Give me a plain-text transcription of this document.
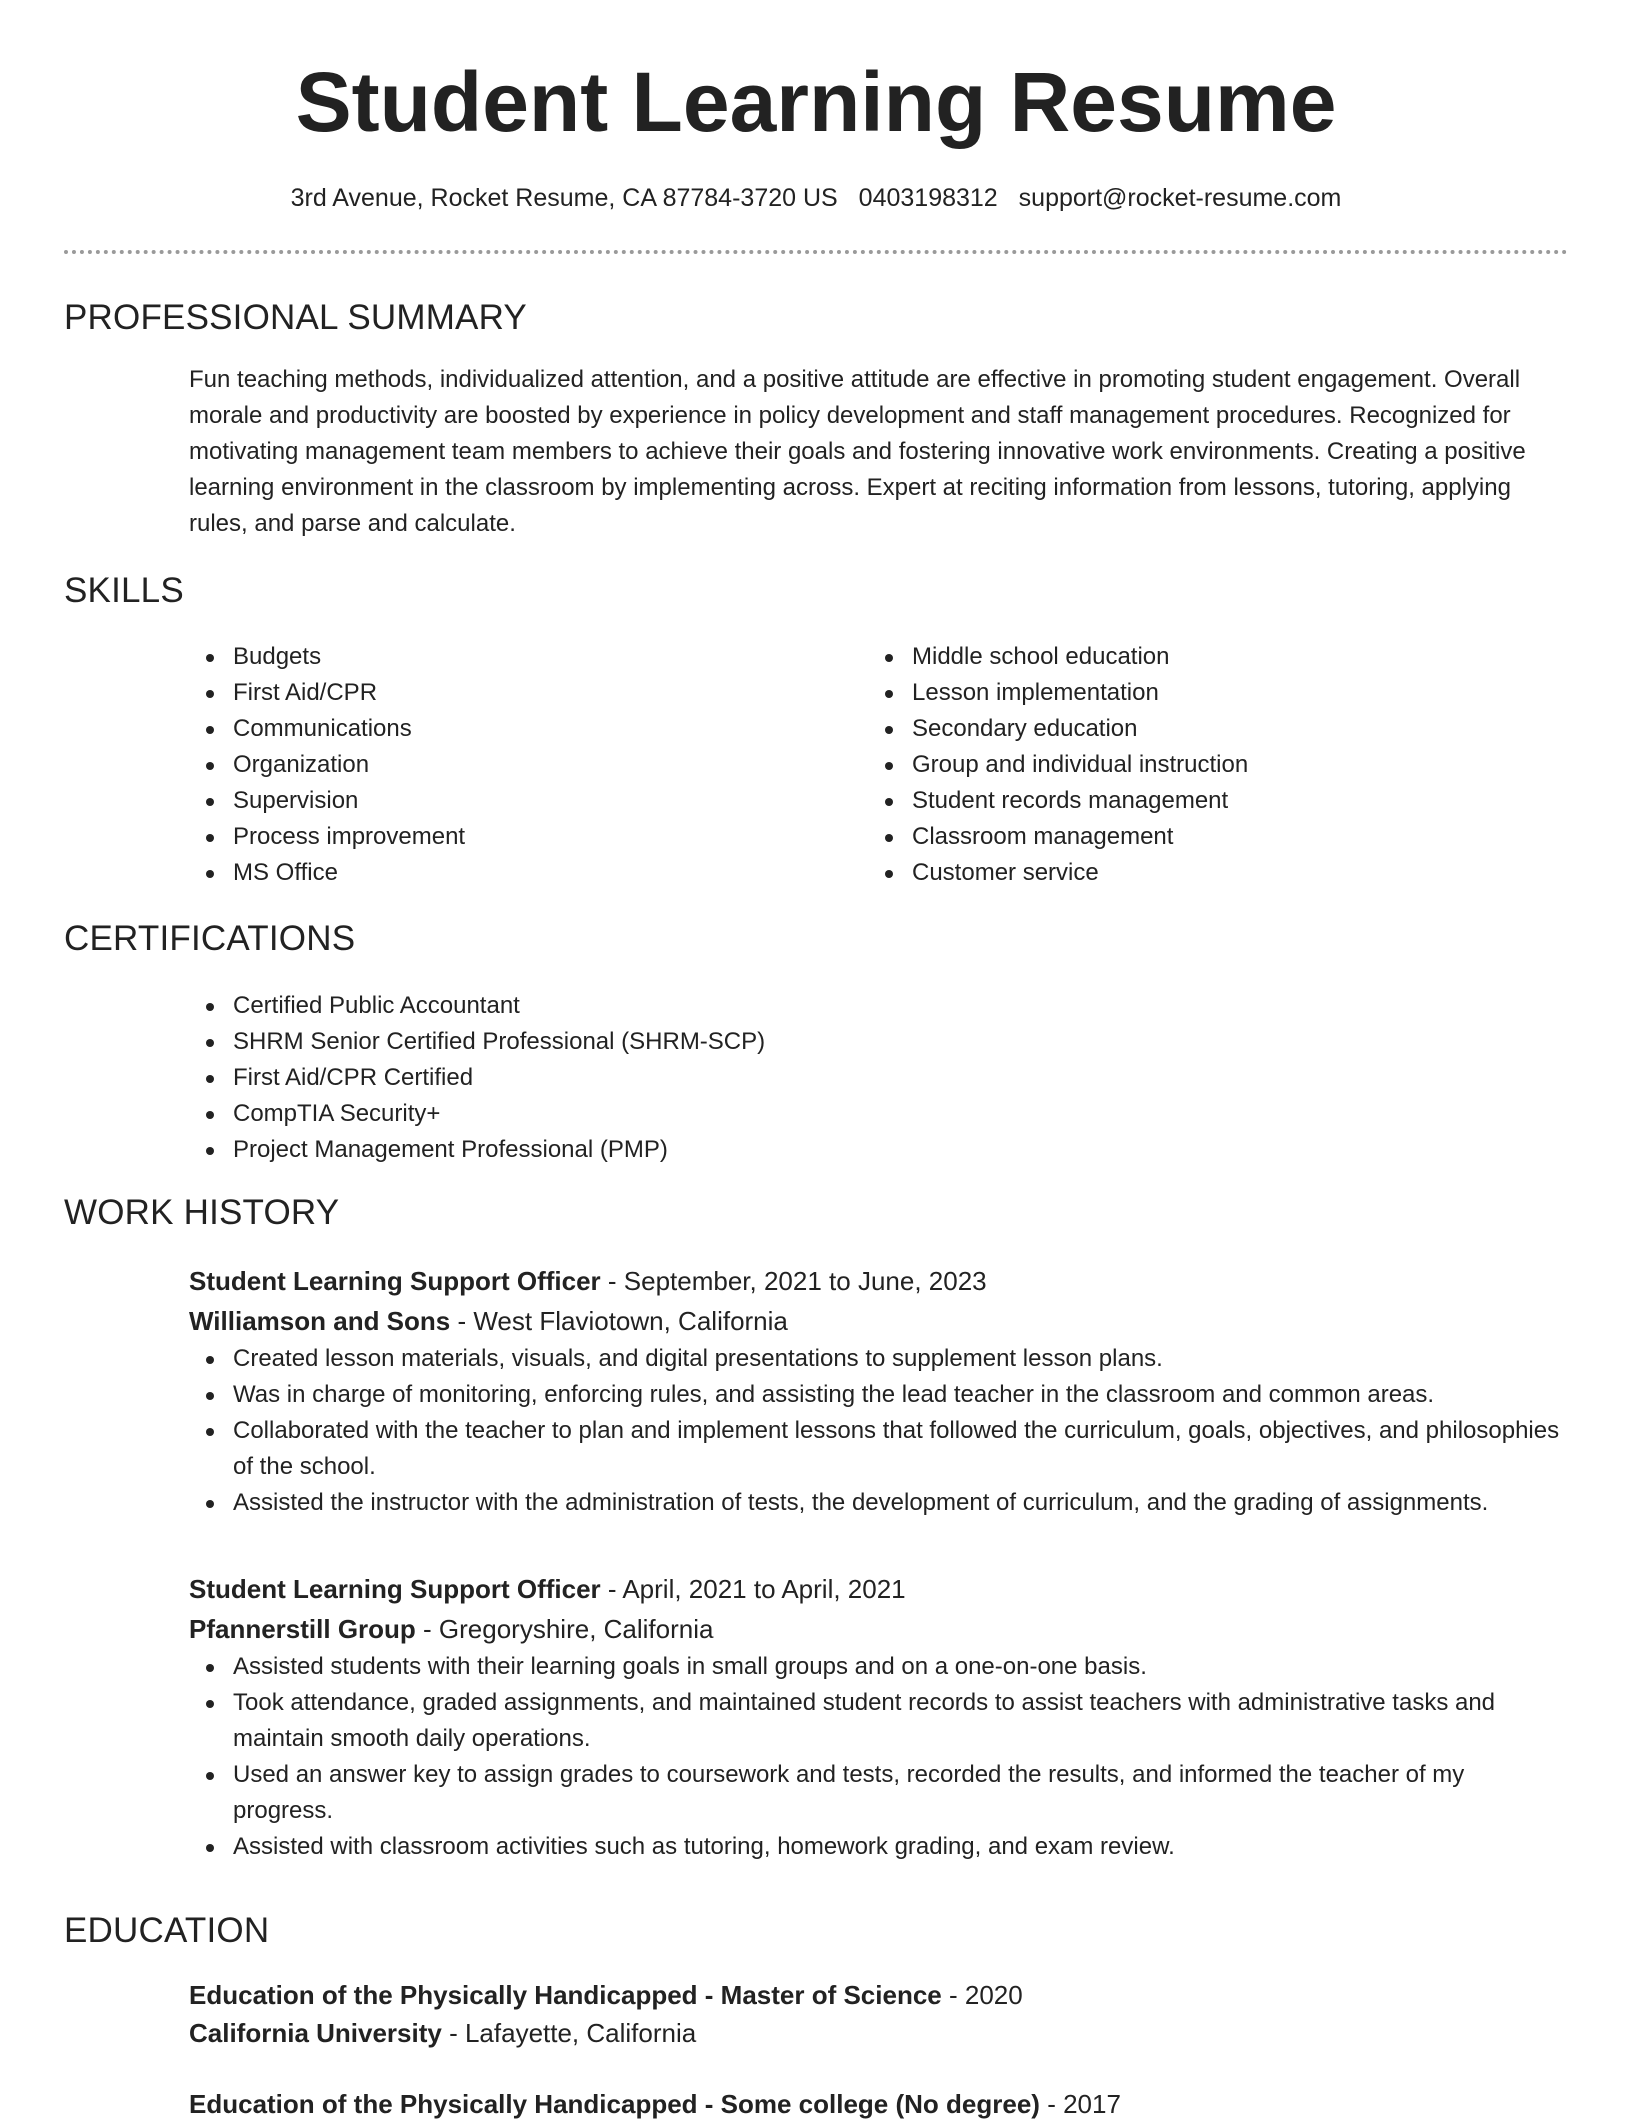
Student Learning Resume
3rd Avenue, Rocket Resume, CA 87784-3720 US 0403198312 support@rocket-resume.com
PROFESSIONAL SUMMARY

Fun teaching methods, individualized attention, and a positive attitude are effective in promoting student engagement. Overall morale and productivity are boosted by experience in policy development and staff management procedures. Recognized for motivating management team members to achieve their goals and fostering innovative work environments. Creating a positive learning environment in the classroom by implementing across. Expert at reciting information from lessons, tutoring, applying rules, and parse and calculate.

SKILLS
Budgets
First Aid/CPR
Communications
Organization
Supervision
Process improvement
MS Office
Middle school education
Lesson implementation
Secondary education
Group and individual instruction
Student records management
Classroom management
Customer service
CERTIFICATIONS
Certified Public Accountant
SHRM Senior Certified Professional (SHRM-SCP)
First Aid/CPR Certified
CompTIA Security+
Project Management Professional (PMP)
WORK HISTORY
Student Learning Support Officer - September, 2021 to June, 2023
Williamson and Sons - West Flaviotown, California
Created lesson materials, visuals, and digital presentations to supplement lesson plans.
Was in charge of monitoring, enforcing rules, and assisting the lead teacher in the classroom and common areas.
Collaborated with the teacher to plan and implement lessons that followed the curriculum, goals, objectives, and philosophies of the school.
Assisted the instructor with the administration of tests, the development of curriculum, and the grading of assignments.
Student Learning Support Officer - April, 2021 to April, 2021
Pfannerstill Group - Gregoryshire, California
Assisted students with their learning goals in small groups and on a one-on-one basis.
Took attendance, graded assignments, and maintained student records to assist teachers with administrative tasks and maintain smooth daily operations.
Used an answer key to assign grades to coursework and tests, recorded the results, and informed the teacher of my progress.
Assisted with classroom activities such as tutoring, homework grading, and exam review.
EDUCATION
Education of the Physically Handicapped - Master of Science - 2020
California University - Lafayette, California
Education of the Physically Handicapped - Some college (No degree) - 2017
